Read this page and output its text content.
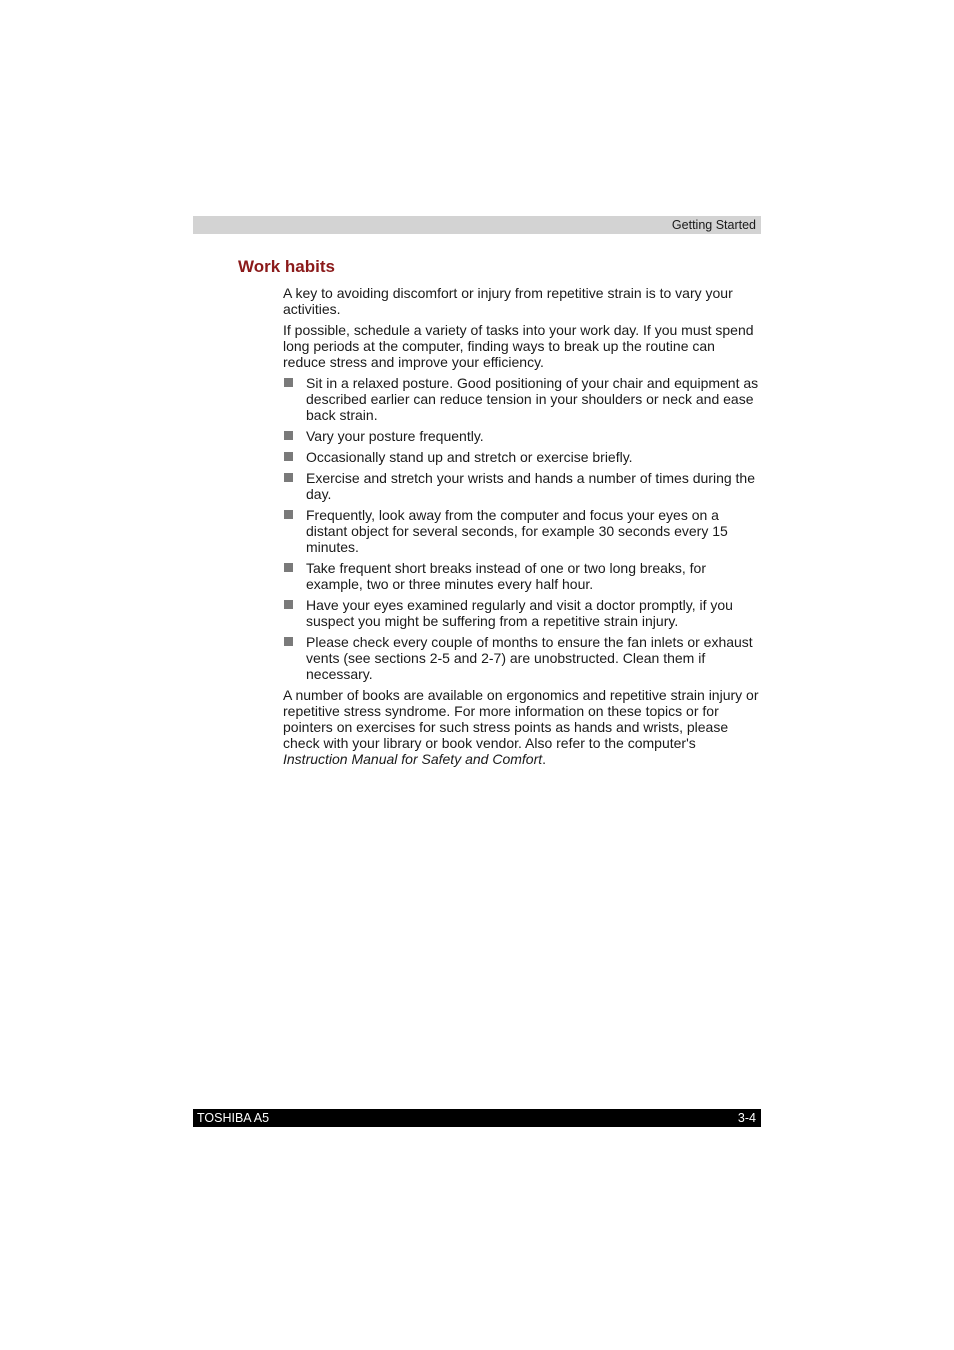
Getting Started
Work habits

A key to avoiding discomfort or injury from repetitive strain is to vary your activities.

If possible, schedule a variety of tasks into your work day. If you must spend long periods at the computer, finding ways to break up the routine can reduce stress and improve your efficiency.

Sit in a relaxed posture. Good positioning of your chair and equipment as described earlier can reduce tension in your shoulders or neck and ease back strain.
Vary your posture frequently.
Occasionally stand up and stretch or exercise briefly.
Exercise and stretch your wrists and hands a number of times during the day.
Frequently, look away from the computer and focus your eyes on a distant object for several seconds, for example 30 seconds every 15 minutes.
Take frequent short breaks instead of one or two long breaks, for example, two or three minutes every half hour.
Have your eyes examined regularly and visit a doctor promptly, if you suspect you might be suffering from a repetitive strain injury.
Please check every couple of months to ensure the fan inlets or exhaust vents (see sections 2-5 and 2-7) are unobstructed. Clean them if necessary.

A number of books are available on ergonomics and repetitive strain injury or repetitive stress syndrome. For more information on these topics or for pointers on exercises for such stress points as hands and wrists, please check with your library or book vendor. Also refer to the computer's Instruction Manual for Safety and Comfort.

TOSHIBA A5	3-4
